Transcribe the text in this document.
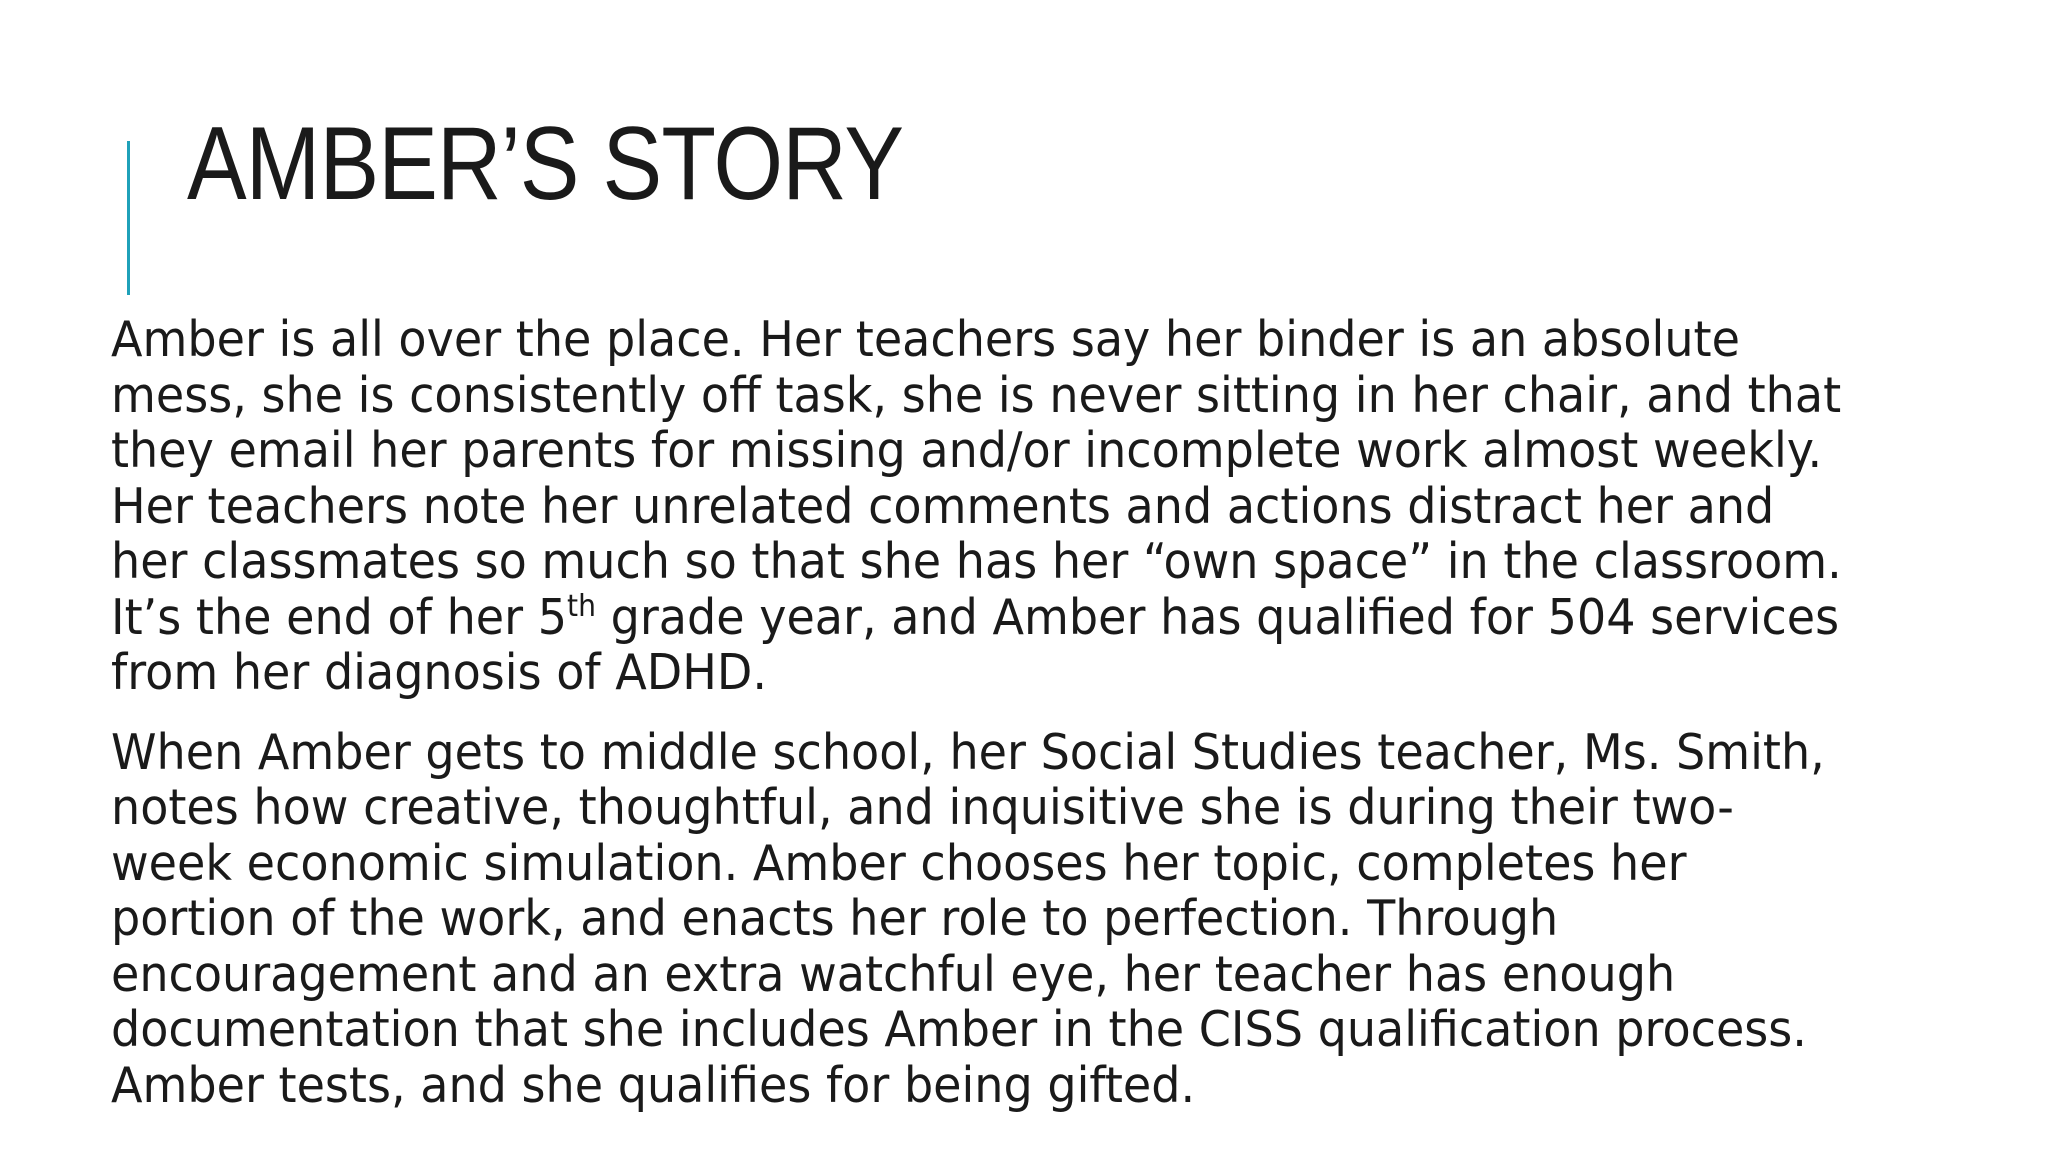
AMBER’S STORY

Amber is all over the place. Her teachers say her binder is an absolute
mess, she is consistently off task, she is never sitting in her chair, and that
they email her parents for missing and/or incomplete work almost weekly.
Her teachers note her unrelated comments and actions distract her and
her classmates so much so that she has her “own space” in the classroom.
It’s the end of her 5th grade year, and Amber has qualified for 504 services
from her diagnosis of ADHD.

When Amber gets to middle school, her Social Studies teacher, Ms. Smith,
notes how creative, thoughtful, and inquisitive she is during their two-
week economic simulation. Amber chooses her topic, completes her
portion of the work, and enacts her role to perfection. Through
encouragement and an extra watchful eye, her teacher has enough
documentation that she includes Amber in the CISS qualification process.
Amber tests, and she qualifies for being gifted.
